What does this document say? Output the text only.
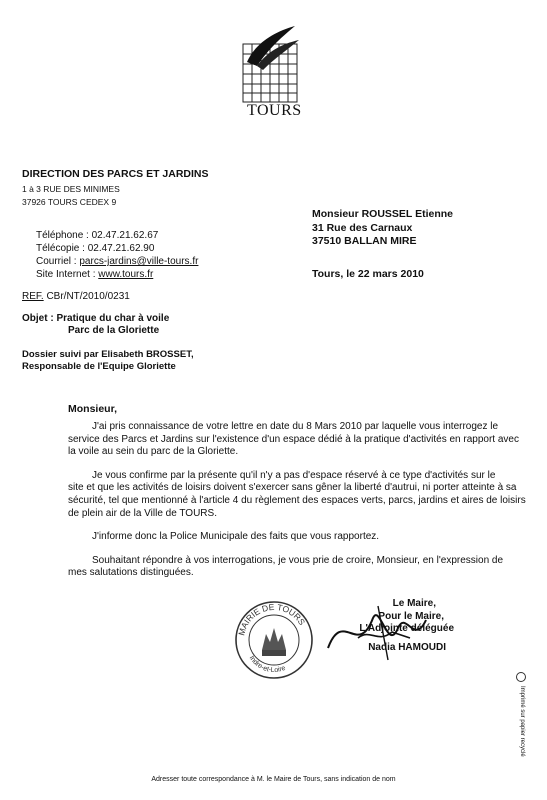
TOURS
DIRECTION DES PARCS ET JARDINS
1 à 3 RUE DES MINIMES
37926 TOURS CEDEX 9
Téléphone : 02.47.21.62.67
Télécopie : 02.47.21.62.90
Courriel : parcs-jardins@ville-tours.fr
Site Internet : www.tours.fr
Monsieur ROUSSEL Etienne
31 Rue des Carnaux
37510 BALLAN MIRE
Tours, le 22 mars 2010
REF. CBr/NT/2010/0231
Objet : Pratique du char à voile
Parc de la Gloriette
Dossier suivi par Elisabeth BROSSET,
Responsable de l'Equipe Gloriette
Monsieur,
J'ai pris connaissance de votre lettre en date du 8 Mars 2010 par laquelle vous interrogez le
service des Parcs et Jardins sur l'existence d'un espace dédié à la pratique d'activités en rapport avec
la voile au sein du parc de la Gloriette.
Je vous confirme par la présente qu'il n'y a pas d'espace réservé à ce type d'activités sur le
site et que les activités de loisirs doivent s'exercer sans gêner la liberté d'autrui, ni porter atteinte à sa
sécurité, tel que mentionné à l'article 4 du règlement des espaces verts, parcs, jardins et aires de loisirs
de plein air de la Ville de TOURS.
J'informe donc la Police Municipale des faits que vous rapportez.
Souhaitant répondre à vos interrogations, je vous prie de croire, Monsieur, en l'expression de
mes salutations distinguées.
MAIRIE DE TOURS
Indre-et-Loire
Le Maire,
Pour le Maire,
L'Adjointe déléguée
Nadia HAMOUDI
Imprimé sur papier recyclé
Adresser toute correspondance à M. le Maire de Tours, sans indication de nom
